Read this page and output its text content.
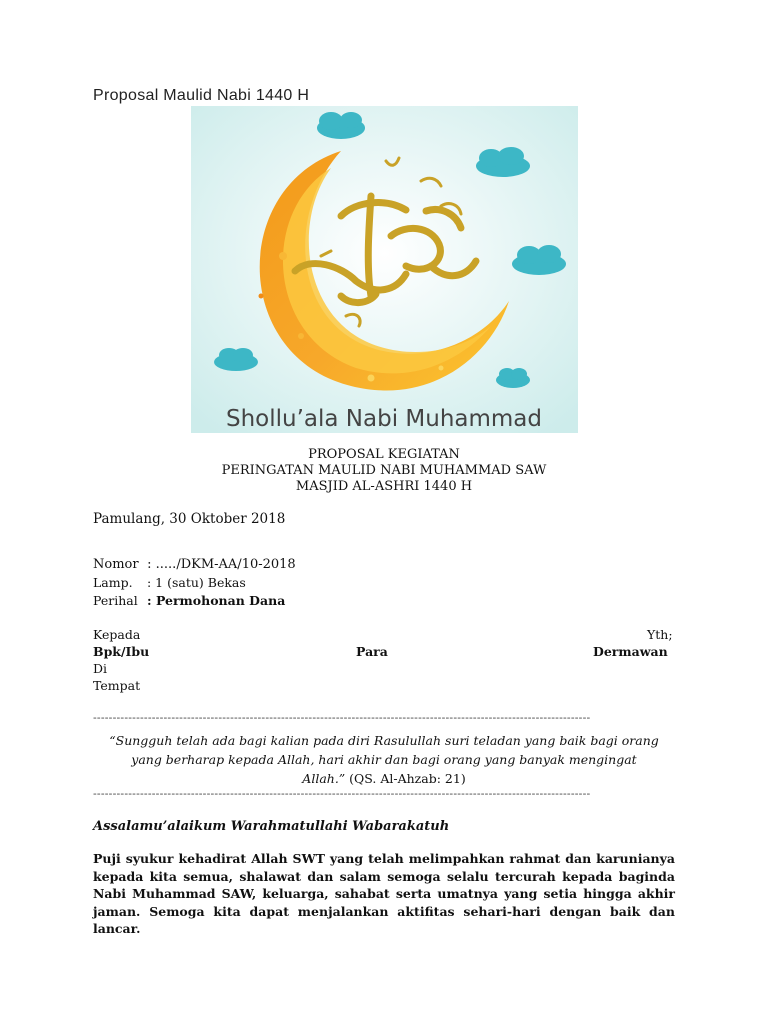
Proposal Maulid Nabi 1440 H
Shollu’ala Nabi Muhammad
PROPOSAL KEGIATAN
PERINGATAN MAULID NABI MUHAMMAD SAW
MASJID AL-ASHRI 1440 H
Pamulang, 30 Oktober 2018
Nomor : ...../DKM-AA/10-2018
Lamp. : 1 (satu) Bekas
Perihal : Permohonan Dana
Kepada	Yth;
Bpk/Ibu	Para	Dermawan
Di
Tempat
-------------------------------------------------------------------------------------------------------------------------------
“Sungguh telah ada bagi kalian pada diri Rasulullah suri teladan yang baik bagi orang
yang berharap kepada Allah, hari akhir dan bagi orang yang banyak mengingat
Allah.” (QS. Al-Ahzab: 21)
-------------------------------------------------------------------------------------------------------------------------------
Assalamu’alaikum Warahmatullahi Wabarakatuh
Puji syukur kehadirat Allah SWT yang telah melimpahkan rahmat dan karunianya kepada kita semua, shalawat dan salam semoga selalu tercurah kepada baginda Nabi Muhammad SAW, keluarga, sahabat serta umatnya yang setia hingga akhir jaman. Semoga kita dapat menjalankan aktifitas sehari-hari dengan baik dan lancar.
